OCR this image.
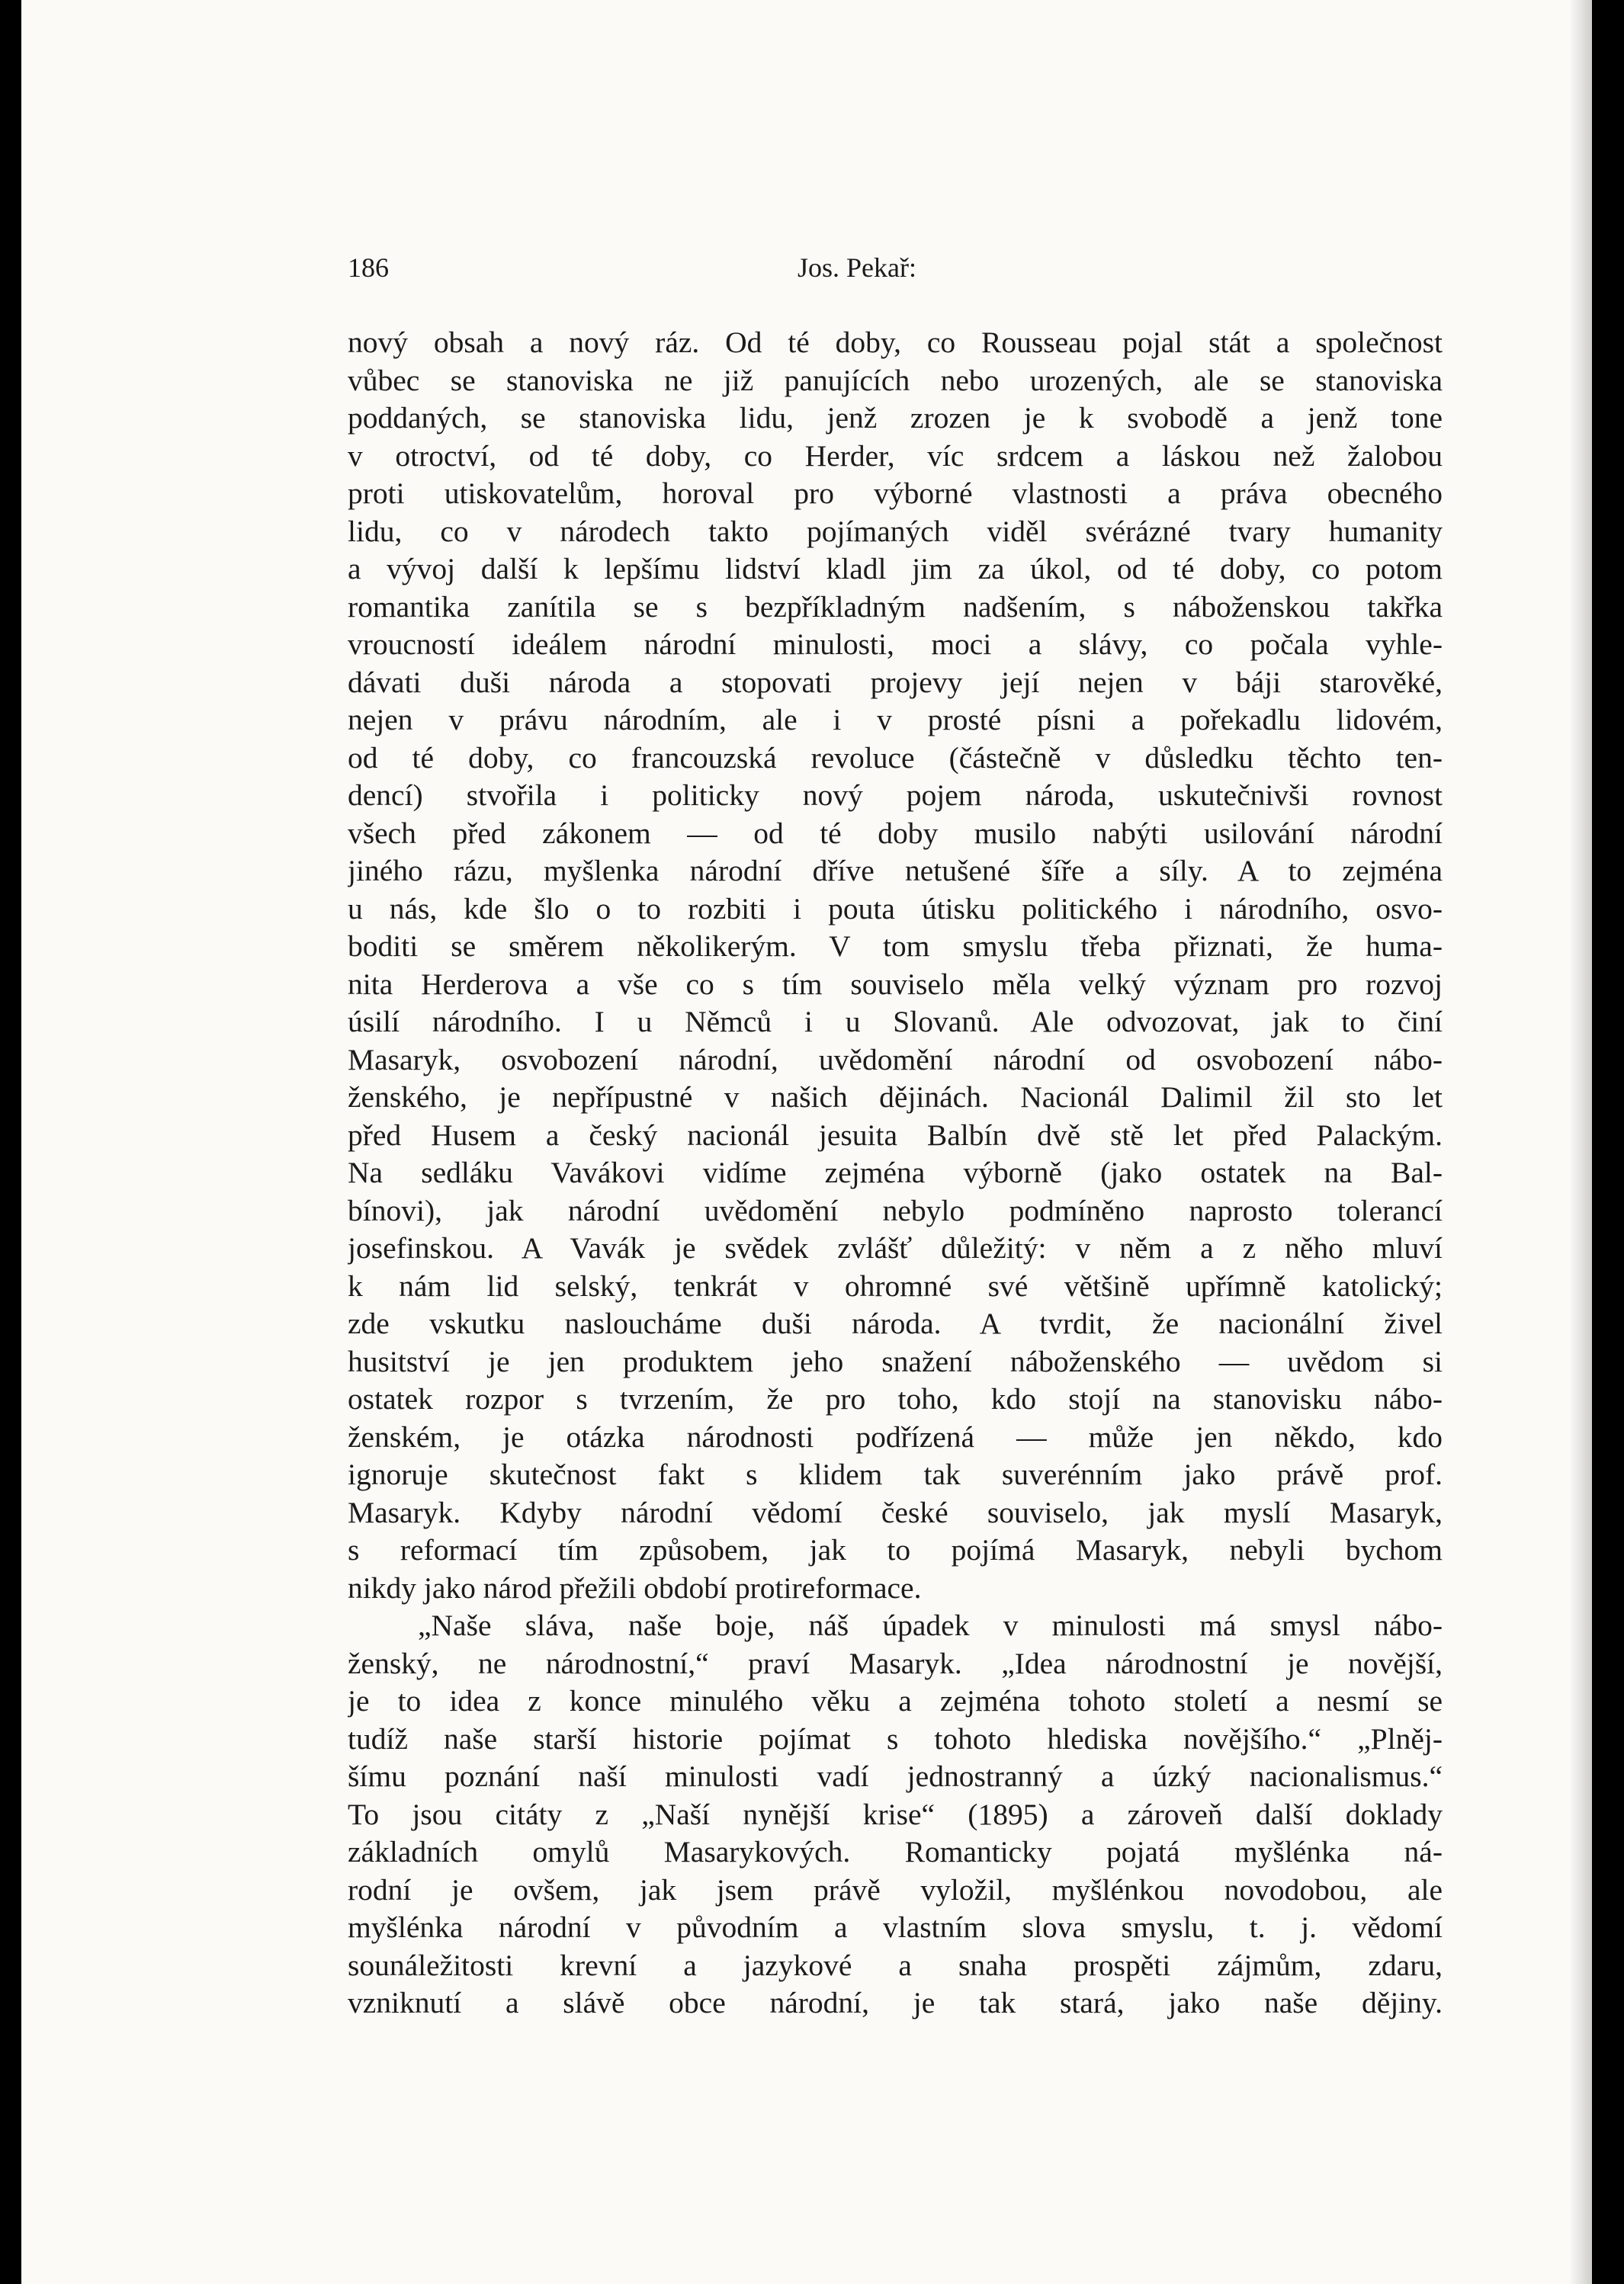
186	Jos. Pekař:
nový obsah a nový ráz. Od té doby, co Rousseau pojal stát a společnost
vůbec se stanoviska ne již panujících nebo urozených, ale se stanoviska
poddaných, se stanoviska lidu, jenž zrozen je k svobodě a jenž tone
v otroctví, od té doby, co Herder, víc srdcem a láskou než žalobou
proti utiskovatelům, horoval pro výborné vlastnosti a práva obecného
lidu, co v národech takto pojímaných viděl svérázné tvary humanity
a vývoj další k lepšímu lidství kladl jim za úkol, od té doby, co potom
romantika zanítila se s bezpříkladným nadšením, s náboženskou takřka
vroucností ideálem národní minulosti, moci a slávy, co počala vyhle-
dávati duši národa a stopovati projevy její nejen v báji starověké,
nejen v právu národním, ale i v prosté písni a pořekadlu lidovém,
od té doby, co francouzská revoluce (částečně v důsledku těchto ten-
dencí) stvořila i politicky nový pojem národa, uskutečnivši rovnost
všech před zákonem — od té doby musilo nabýti usilování národní
jiného rázu, myšlenka národní dříve netušené šíře a síly. A to zejména
u nás, kde šlo o to rozbiti i pouta útisku politického i národního, osvo-
boditi se směrem několikerým. V tom smyslu třeba přiznati, že huma-
nita Herderova a vše co s tím souviselo měla velký význam pro rozvoj
úsilí národního. I u Němců i u Slovanů. Ale odvozovat, jak to činí
Masaryk, osvobození národní, uvědomění národní od osvobození nábo-
ženského, je nepřípustné v našich dějinách. Nacionál Dalimil žil sto let
před Husem a český nacionál jesuita Balbín dvě stě let před Palackým.
Na sedláku Vavákovi vidíme zejména výborně (jako ostatek na Bal-
bínovi), jak národní uvědomění nebylo podmíněno naprosto tolerancí
josefinskou. A Vavák je svědek zvlášť důležitý: v něm a z něho mluví
k nám lid selský, tenkrát v ohromné své většině upřímně katolický;
zde vskutku nasloucháme duši národa. A tvrdit, že nacionální živel
husitství je jen produktem jeho snažení náboženského — uvědom si
ostatek rozpor s tvrzením, že pro toho, kdo stojí na stanovisku nábo-
ženském, je otázka národnosti podřízená — může jen někdo, kdo
ignoruje skutečnost fakt s klidem tak suverénním jako právě prof.
Masaryk. Kdyby národní vědomí české souviselo, jak myslí Masaryk,
s reformací tím způsobem, jak to pojímá Masaryk, nebyli bychom
nikdy jako národ přežili období protireformace.
„Naše sláva, naše boje, náš úpadek v minulosti má smysl nábo-
ženský, ne národnostní,“ praví Masaryk. „Idea národnostní je novější,
je to idea z konce minulého věku a zejména tohoto století a nesmí se
tudíž naše starší historie pojímat s tohoto hlediska novějšího.“ „Plněj-
šímu poznání naší minulosti vadí jednostranný a úzký nacionalismus.“
To jsou citáty z „Naší nynější krise“ (1895) a zároveň další doklady
základních omylů Masarykových. Romanticky pojatá myšlénka ná-
rodní je ovšem, jak jsem právě vyložil, myšlénkou novodobou, ale
myšlénka národní v původním a vlastním slova smyslu, t. j. vědomí
sounáležitosti krevní a jazykové a snaha prospěti zájmům, zdaru,
vzniknutí a slávě obce národní, je tak stará, jako naše dějiny.
